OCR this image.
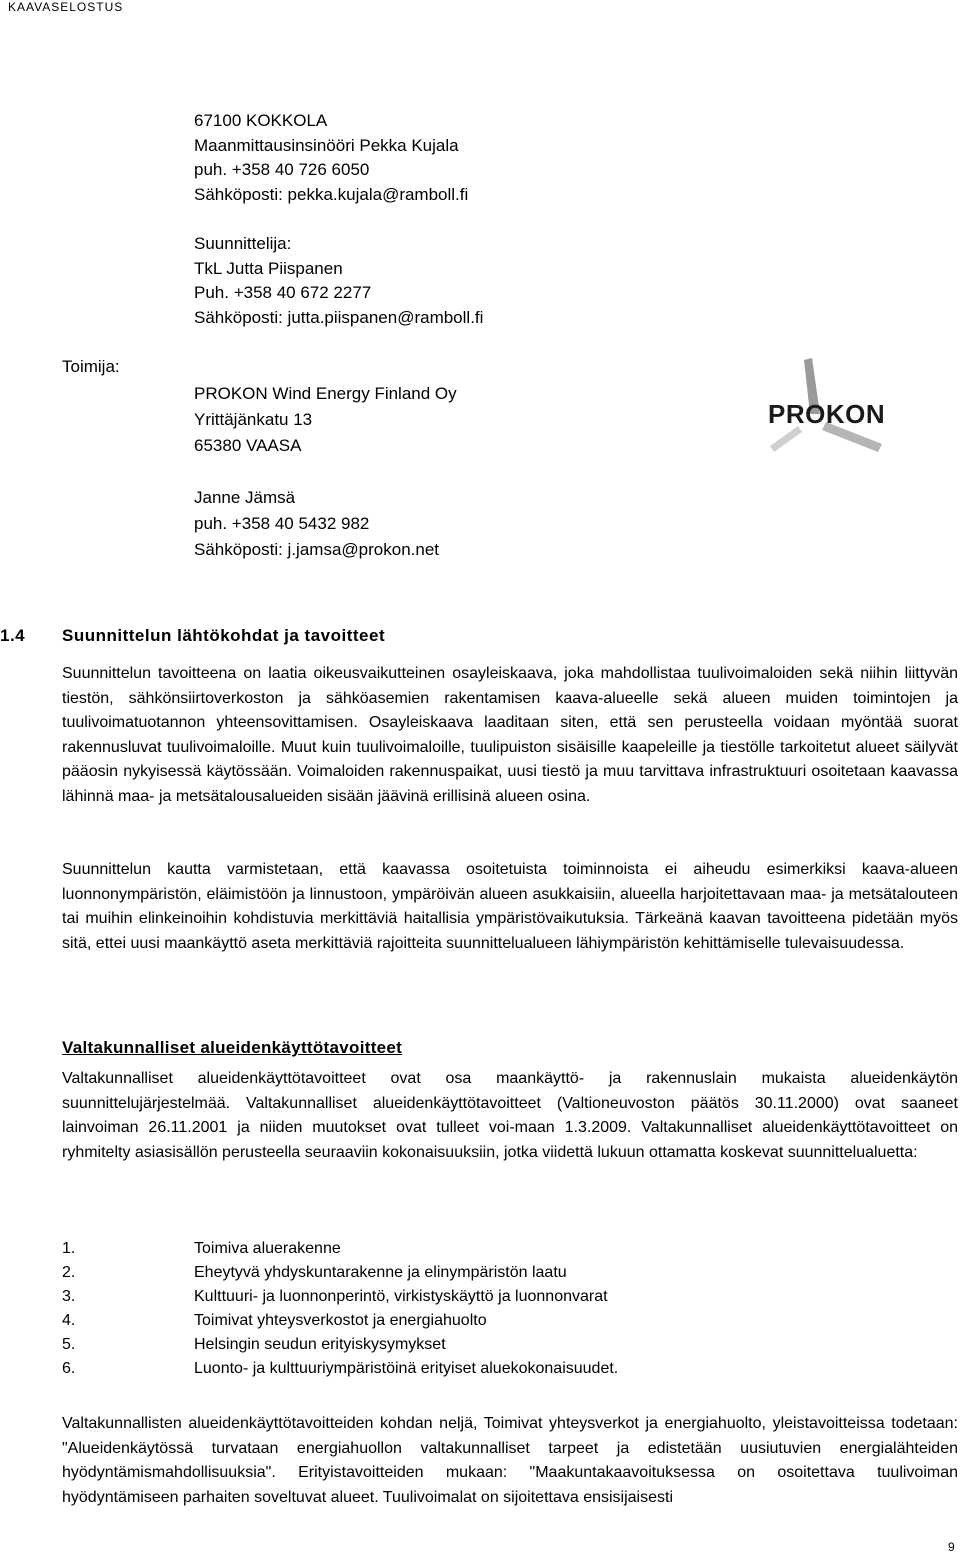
KAAVASELOSTUS

67100 KOKKOLA

Maanmittausinsinööri Pekka Kujala

puh. +358 40 726 6050

Sähköposti: pekka.kujala@ramboll.fi

Suunnittelija:

TkL Jutta Piispanen

Puh. +358 40 672 2277

Sähköposti: jutta.piispanen@ramboll.fi

Toimija:

PROKON Wind Energy Finland Oy

Yrittäjänkatu 13

65380 VAASA

Janne Jämsä

puh. +358 40 5432 982

Sähköposti: j.jamsa@prokon.net

PROKON
1.4 Suunnittelun lähtökohdat ja tavoitteet
Suunnittelun tavoitteena on laatia oikeusvaikutteinen osayleiskaava, joka mahdollistaa tuulivoimaloiden sekä niihin liittyvän tiestön, sähkönsiirtoverkoston ja sähköasemien rakentamisen kaava-alueelle sekä alueen muiden toimintojen ja tuulivoimatuotannon yhteensovittamisen. Osayleiskaava laaditaan siten, että sen perusteella voidaan myöntää suorat rakennusluvat tuulivoimaloille. Muut kuin tuulivoimaloille, tuulipuiston sisäisille kaapeleille ja tiestölle tarkoitetut alueet säilyvät pääosin nykyisessä käytössään. Voimaloiden rakennuspaikat, uusi tiestö ja muu tarvittava infrastruktuuri osoitetaan kaavassa lähinnä maa- ja metsätalousalueiden sisään jäävinä erillisinä alueen osina.
Suunnittelun kautta varmistetaan, että kaavassa osoitetuista toiminnoista ei aiheudu esimerkiksi kaava-alueen luonnonympäristön, eläimistöön ja linnustoon, ympäröivän alueen asukkaisiin, alueella harjoitettavaan maa- ja metsätalouteen tai muihin elinkeinoihin kohdistuvia merkittäviä haitallisia ympäristövaikutuksia. Tärkeänä kaavan tavoitteena pidetään myös sitä, ettei uusi maankäyttö aseta merkittäviä rajoitteita suunnittelualueen lähiympäristön kehittämiselle tulevaisuudessa.
Valtakunnalliset alueidenkäyttötavoitteet
Valtakunnalliset alueidenkäyttötavoitteet ovat osa maankäyttö- ja rakennuslain mukaista alueidenkäytön suunnittelujärjestelmää. Valtakunnalliset alueidenkäyttötavoitteet (Valtioneuvoston päätös 30.11.2000) ovat saaneet lainvoiman 26.11.2001 ja niiden muutokset ovat tulleet voi-maan 1.3.2009. Valtakunnalliset alueidenkäyttötavoitteet on ryhmitelty asiasisällön perusteella seuraaviin kokonaisuuksiin, jotka viidettä lukuun ottamatta koskevat suunnittelualuetta:
1.	Toimiva aluerakenne
2.	Eheytyvä yhdyskuntarakenne ja elinympäristön laatu
3.	Kulttuuri- ja luonnonperintö, virkistyskäyttö ja luonnonvarat
4.	Toimivat yhteysverkostot ja energiahuolto
5.	Helsingin seudun erityiskysymykset
6.	Luonto- ja kulttuuriympäristöinä erityiset aluekokonaisuudet.
Valtakunnallisten alueidenkäyttötavoitteiden kohdan neljä, Toimivat yhteysverkot ja energiahuolto, yleistavoitteissa todetaan: "Alueidenkäytössä turvataan energiahuollon valtakunnalliset tarpeet ja edistetään uusiutuvien energialähteiden hyödyntämismahdollisuuksia". Erityistavoitteiden mukaan: "Maakuntakaavoituksessa on osoitettava tuulivoiman hyödyntämiseen parhaiten soveltuvat alueet. Tuulivoimalat on sijoitettava ensisijaisesti
9
